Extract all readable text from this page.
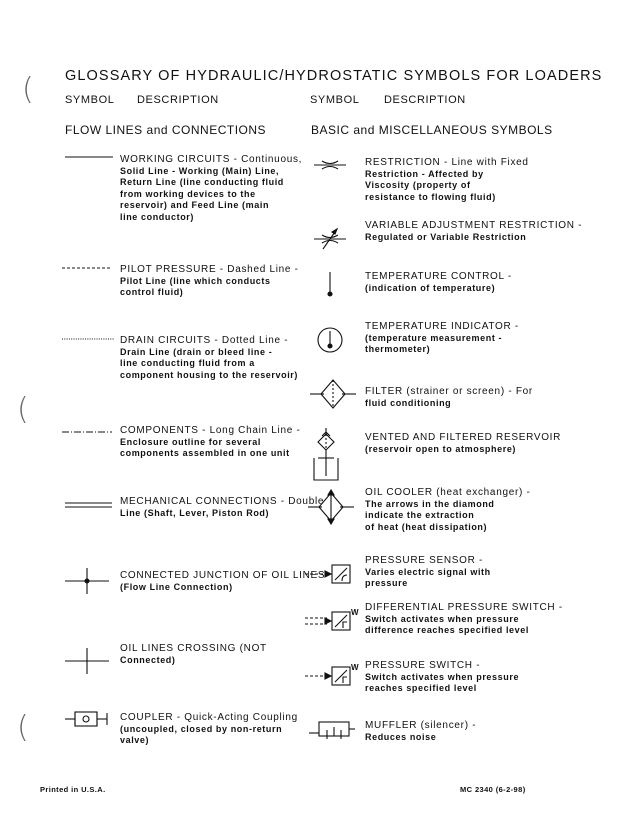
GLOSSARY OF HYDRAULIC/HYDROSTATIC SYMBOLS FOR LOADERS
SYMBOL DESCRIPTION	SYMBOL DESCRIPTION
FLOW LINES and CONNECTIONS	BASIC and MISCELLANEOUS SYMBOLS
(
(
(
WORKING CIRCUITS - Continuous,
Solid Line - Working (Main) Line,
Return Line (line conducting fluid
from working devices to the
reservoir) and Feed Line (main
line conductor)
PILOT PRESSURE - Dashed Line -
Pilot Line (line which conducts
control fluid)
DRAIN CIRCUITS - Dotted Line -
Drain Line (drain or bleed line -
line conducting fluid from a
component housing to the reservoir)
COMPONENTS - Long Chain Line -
Enclosure outline for several
components assembled in one unit
MECHANICAL CONNECTIONS - Double
Line (Shaft, Lever, Piston Rod)
CONNECTED JUNCTION OF OIL LINES
(Flow Line Connection)
OIL LINES CROSSING (NOT
Connected)
COUPLER - Quick-Acting Coupling
(uncoupled, closed by non-return
valve)
W
W
RESTRICTION - Line with Fixed
Restriction - Affected by
Viscosity (property of
resistance to flowing fluid)
VARIABLE ADJUSTMENT RESTRICTION -
Regulated or Variable Restriction
TEMPERATURE CONTROL -
(indication of temperature)
TEMPERATURE INDICATOR -
(temperature measurement -
thermometer)
FILTER (strainer or screen) - For
fluid conditioning
VENTED AND FILTERED RESERVOIR
(reservoir open to atmosphere)
OIL COOLER (heat exchanger) -
The arrows in the diamond
indicate the extraction
of heat (heat dissipation)
PRESSURE SENSOR -
Varies electric signal with
pressure
DIFFERENTIAL PRESSURE SWITCH -
Switch activates when pressure
difference reaches specified level
PRESSURE SWITCH -
Switch activates when pressure
reaches specified level
MUFFLER (silencer) -
Reduces noise
Printed in U.S.A.	MC 2340 (6-2-98)
